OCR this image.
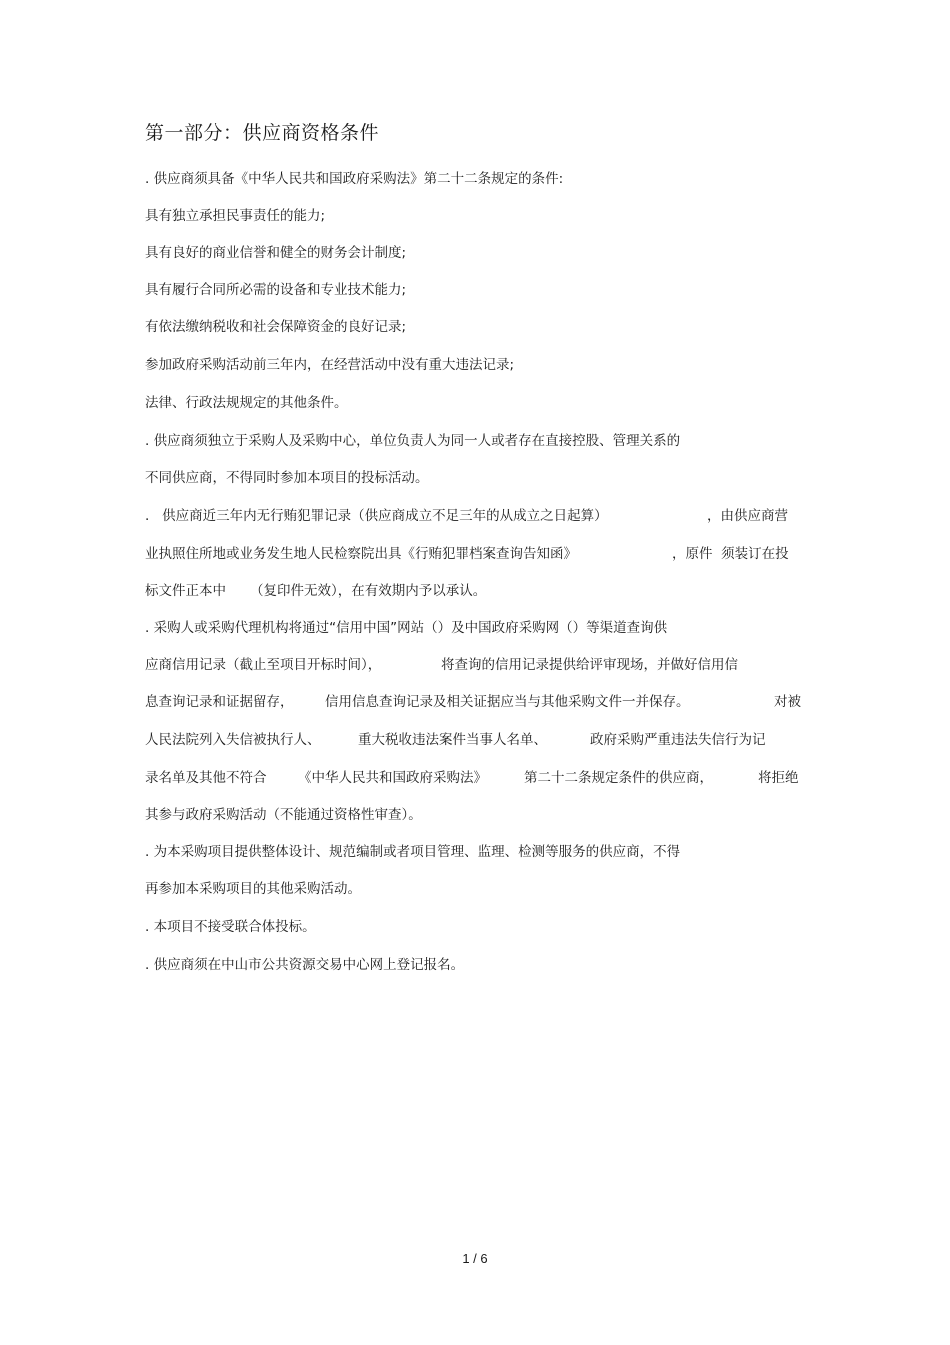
第一部分：供应商资格条件
. 供应商须具备《中华人民共和国政府采购法》第二十二条规定的条件:
具有独立承担民事责任的能力;
具有良好的商业信誉和健全的财务会计制度;
具有履行合同所必需的设备和专业技术能力;
有依法缴纳税收和社会保障资金的良好记录;
参加政府采购活动前三年内，在经营活动中没有重大违法记录;
法律、行政法规规定的其他条件。
. 供应商须独立于采购人及采购中心，单位负责人为同一人或者存在直接控股、管理关系的
不同供应商，不得同时参加本项目的投标活动。
.   供应商近三年内无行贿犯罪记录（供应商成立不足三年的从成立之日起算）	，由供应商营
业执照住所地或业务发生地人民检察院出具《行贿犯罪档案查询告知函》	，原件  须装订在投
标文件正本中 （复印件无效），在有效期内予以承认。
. 采购人或采购代理机构将通过“信用中国”网站（）及中国政府采购网（）等渠道查询供
应商信用记录（截止至项目开标时间），	将查询的信用记录提供给评审现场，并做好信用信
息查询记录和证据留存， 信用信息查询记录及相关证据应当与其他采购文件一并保存。	对被
人民法院列入失信被执行人、	重大税收违法案件当事人名单、	政府采购严重违法失信行为记
录名单及其他不符合 《中华人民共和国政府采购法》	第二十二条规定条件的供应商，	将拒绝
其参与政府采购活动（不能通过资格性审查）。
. 为本采购项目提供整体设计、规范编制或者项目管理、监理、检测等服务的供应商，不得
再参加本采购项目的其他采购活动。
. 本项目不接受联合体投标。
. 供应商须在中山市公共资源交易中心网上登记报名。
1 / 6
